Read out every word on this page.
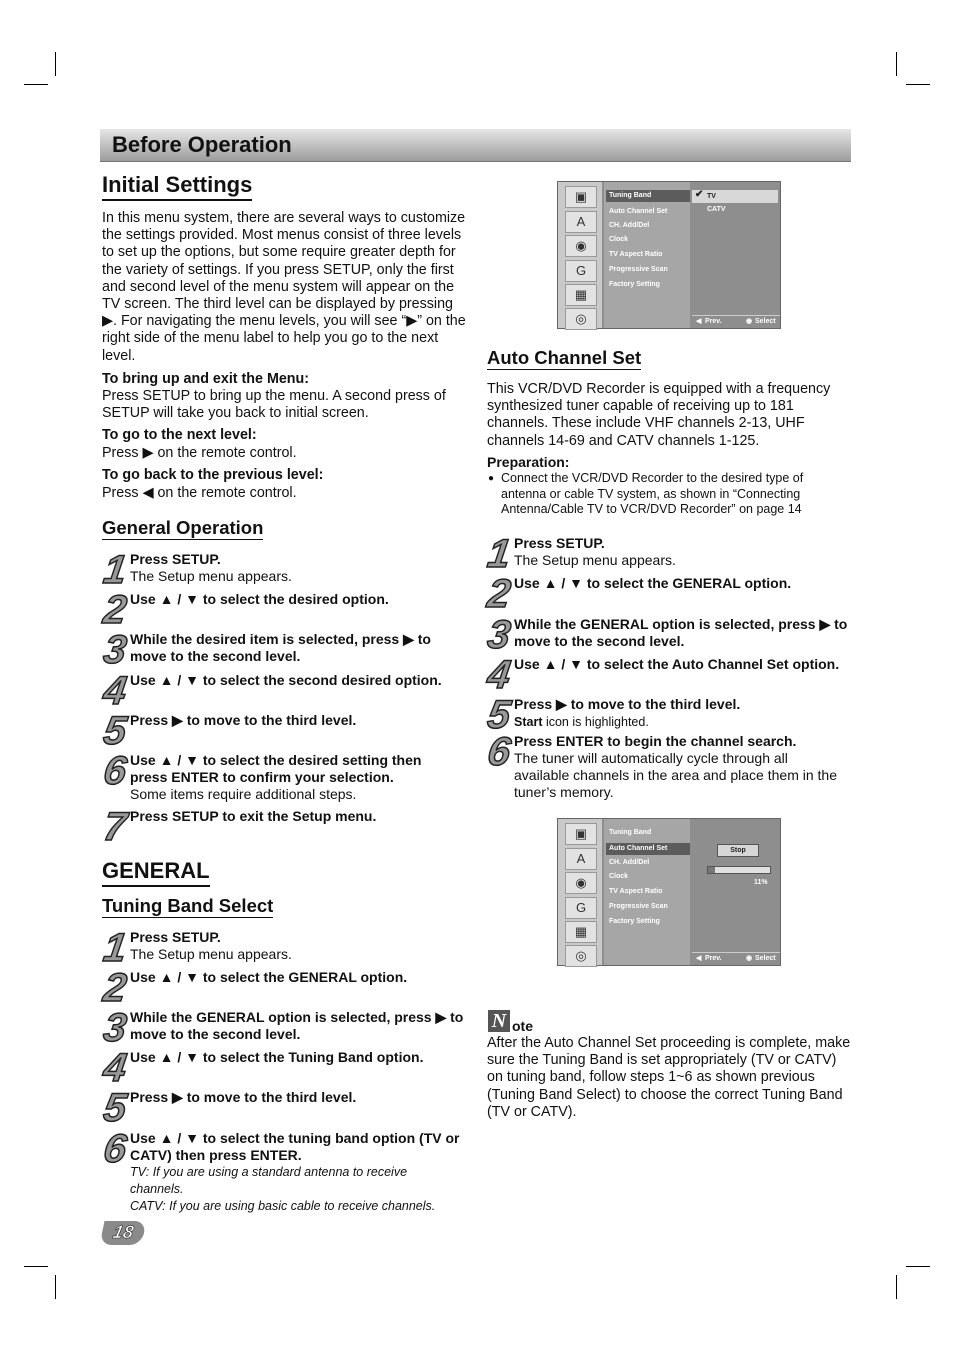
Before Operation
Initial Settings
In this menu system, there are several ways to customize the settings provided. Most menus consist of three levels to set up the options, but some require greater depth for the variety of settings. If you press SETUP, only the first and second level of the menu system will appear on the TV screen. The third level can be displayed by pressing ▶. For navigating the menu levels, you will see “▶” on the right side of the menu label to help you go to the next level.
To bring up and exit the Menu:
Press SETUP to bring up the menu. A second press of SETUP will take you back to initial screen.
To go to the next level:
Press ▶ on the remote control.
To go back to the previous level:
Press ◀ on the remote control.
General Operation
1 Press SETUP.
The Setup menu appears.
2 Use ▲ / ▼ to select the desired option.
3 While the desired item is selected, press ▶ to move to the second level.
4 Use ▲ / ▼ to select the second desired option.
5 Press ▶ to move to the third level.
6 Use ▲ / ▼ to select the desired setting then press ENTER to confirm your selection.
Some items require additional steps.
7 Press SETUP to exit the Setup menu.
GENERAL
Tuning Band Select
1 Press SETUP.
The Setup menu appears.
2 Use ▲ / ▼ to select the GENERAL option.
3 While the GENERAL option is selected, press ▶ to move to the second level.
4 Use ▲ / ▼ to select the Tuning Band option.
5 Press ▶ to move to the third level.
6 Use ▲ / ▼ to select the tuning band option (TV or CATV) then press ENTER.
TV: If you are using a standard antenna to receive channels.
CATV: If you are using basic cable to receive channels.
18
▣
A
◉
G
▦
◎
Tuning Band
Auto Channel Set
CH. Add/Del
Clock
TV Aspect Ratio
Progressive Scan
Factory Setting
✔ TV
CATV
◀ Prev.	◉ Select
Auto Channel Set
This VCR/DVD Recorder is equipped with a frequency synthesized tuner capable of receiving up to 181 channels. These include VHF channels 2-13, UHF channels 14-69 and CATV channels 1-125.
Preparation:
● Connect the VCR/DVD Recorder to the desired type of antenna or cable TV system, as shown in “Connecting Antenna/Cable TV to VCR/DVD Recorder” on page 14
1 Press SETUP.
The Setup menu appears.
2 Use ▲ / ▼ to select the GENERAL option.
3 While the GENERAL option is selected, press ▶ to move to the second level.
4 Use ▲ / ▼ to select the Auto Channel Set option.
5 Press ▶ to move to the third level.
Start icon is highlighted.
6 Press ENTER to begin the channel search.
The tuner will automatically cycle through all available channels in the area and place them in the tuner’s memory.
▣
A
◉
G
▦
◎
Tuning Band
Auto Channel Set
CH. Add/Del
Clock
TV Aspect Ratio
Progressive Scan
Factory Setting
Stop
11%
◀ Prev.	◉ Select
N ote
After the Auto Channel Set proceeding is complete, make sure the Tuning Band is set appropriately (TV or CATV) on tuning band, follow steps 1~6 as shown previous (Tuning Band Select) to choose the correct Tuning Band (TV or CATV).
